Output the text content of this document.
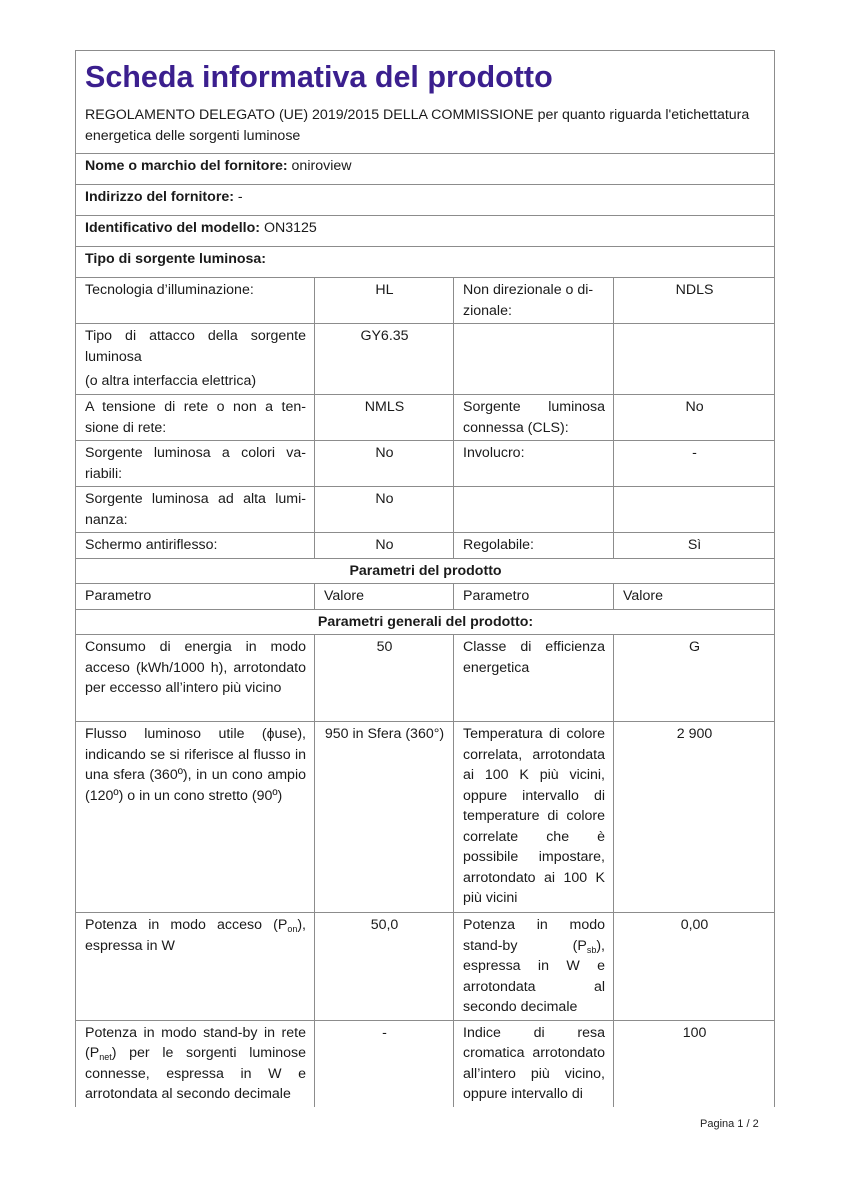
Scheda informativa del prodotto
REGOLAMENTO DELEGATO (UE) 2019/2015 DELLA COMMISSIONE per quanto riguarda l'etichettatura energetica delle sorgenti luminose			

Nome o marchio del fornitore: oniroview			
Indirizzo del fornitore: -			
Identificativo del modello: ON3125			
Tipo di sorgente luminosa:			
Tecnologia d’illuminazione:	HL	Non direzionale o di-zionale:	NDLS

Tipo di attacco della sorgente luminosa
(o altra interfaccia elettrica)	GY6.35		
A tensione di rete o non a ten-sione di rete:	NMLS	Sorgente luminosa connessa (CLS):	No
Sorgente luminosa a colori va-riabili:	No	Involucro:	-
Sorgente luminosa ad alta lumi-nanza:	No		
Schermo antiriflesso:	No	Regolabile:	Sì
Parametri del prodotto			
Parametro	Valore	Parametro	Valore
Parametri generali del prodotto:			
Consumo di energia in modo acceso (kWh/1000 h), arrotondato per eccesso all’intero più vicino	50	Classe di efficienza energetica	G
Flusso luminoso utile (ɸuse), indicando se si riferisce al flusso in una sfera (360º), in un cono ampio (120º) o in un cono stretto (90º)	950 in Sfera (360°)	Temperatura di colore correlata, arrotondata ai 100 K più vicini, oppure intervallo di temperature di colore correlate che è possibile impostare, arrotondato ai 100 K più vicini	2 900
Potenza in modo acceso $(P_{on})$, espressa in W	50,0	Potenza in modo stand-by $(P_{sb})$, espressa in W e arrotondata al secondo decimale	0,00
Potenza in modo stand-by in rete $(P_{net})$ per le sorgenti luminose connesse, espressa in W e arrotondata al secondo decimale	-	Indice di resa cromatica arrotondato all’intero più vicino, oppure intervallo di	100
Pagina 1 / 2
